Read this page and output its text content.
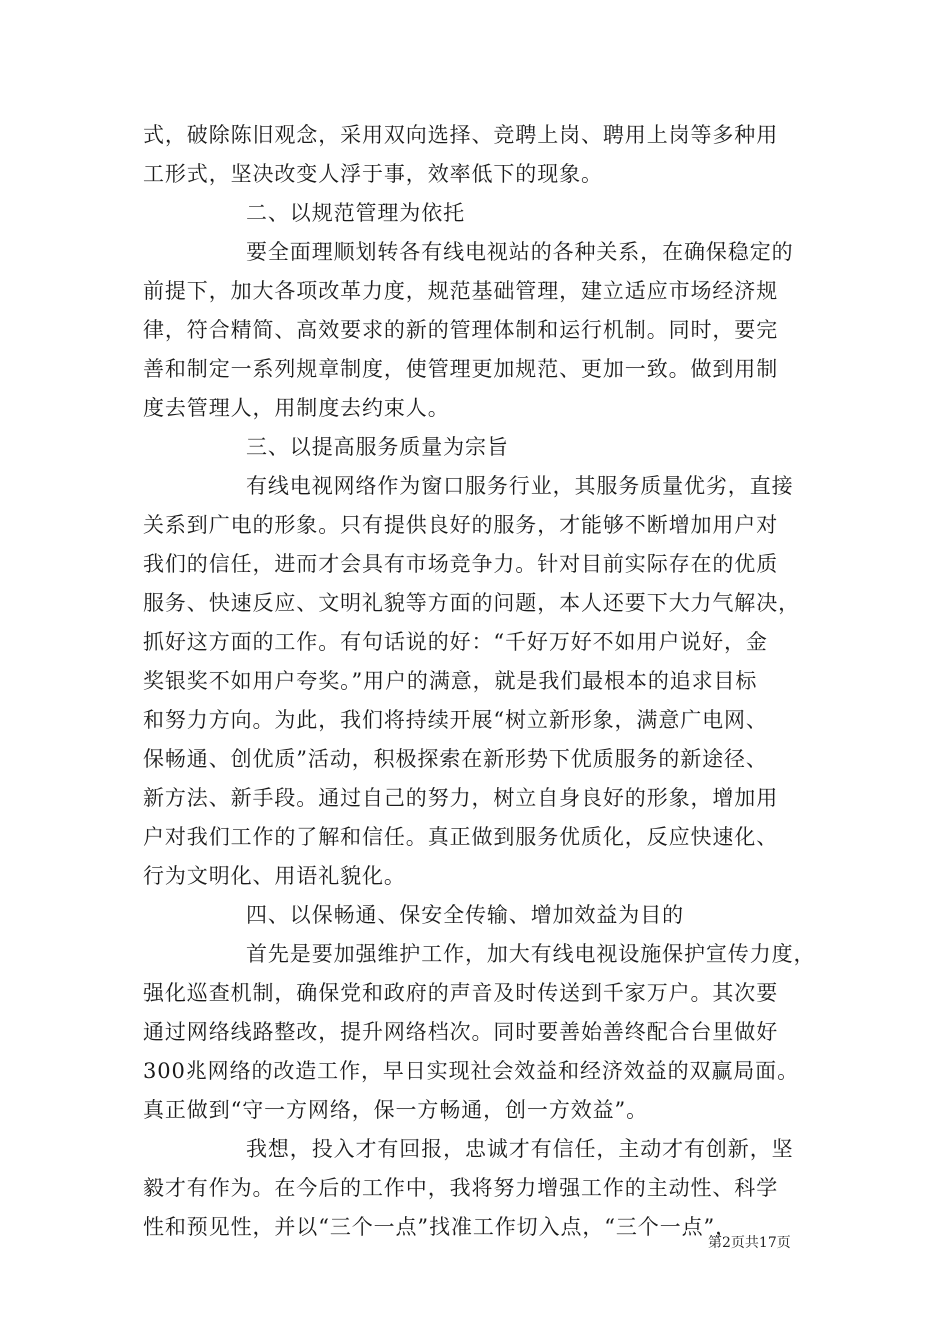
式，破除陈旧观念，采用双向选择、竞聘上岗、聘用上岗等多种用
工形式，坚决改变人浮于事，效率低下的现象。
二、以规范管理为依托
要全面理顺划转各有线电视站的各种关系，在确保稳定的
前提下，加大各项改革力度，规范基础管理，建立适应市场经济规
律，符合精简、高效要求的新的管理体制和运行机制。同时，要完
善和制定一系列规章制度，使管理更加规范、更加一致。做到用制
度去管理人，用制度去约束人。
三、以提高服务质量为宗旨
有线电视网络作为窗口服务行业，其服务质量优劣，直接
关系到广电的形象。只有提供良好的服务，才能够不断增加用户对
我们的信任，进而才会具有市场竞争力。针对目前实际存在的优质
服务、快速反应、文明礼貌等方面的问题，本人还要下大力气解决，
抓好这方面的工作。有句话说的好：“千好万好不如用户说好，金
奖银奖不如用户夸奖。”用户的满意，就是我们最根本的追求目标
和努力方向。为此，我们将持续开展“树立新形象，满意广电网、
保畅通、创优质”活动，积极探索在新形势下优质服务的新途径、
新方法、新手段。通过自己的努力，树立自身良好的形象，增加用
户对我们工作的了解和信任。真正做到服务优质化，反应快速化、
行为文明化、用语礼貌化。
四、以保畅通、保安全传输、增加效益为目的
首先是要加强维护工作，加大有线电视设施保护宣传力度，
强化巡查机制，确保党和政府的声音及时传送到千家万户。其次要
通过网络线路整改，提升网络档次。同时要善始善终配合台里做好
300兆网络的改造工作，早日实现社会效益和经济效益的双赢局面。
真正做到“守一方网络，保一方畅通，创一方效益”。
我想，投入才有回报，忠诚才有信任，主动才有创新，坚
毅才有作为。在今后的工作中，我将努力增强工作的主动性、科学
性和预见性，并以“三个一点”找准工作切入点，“三个一点”，
第2页共17页
